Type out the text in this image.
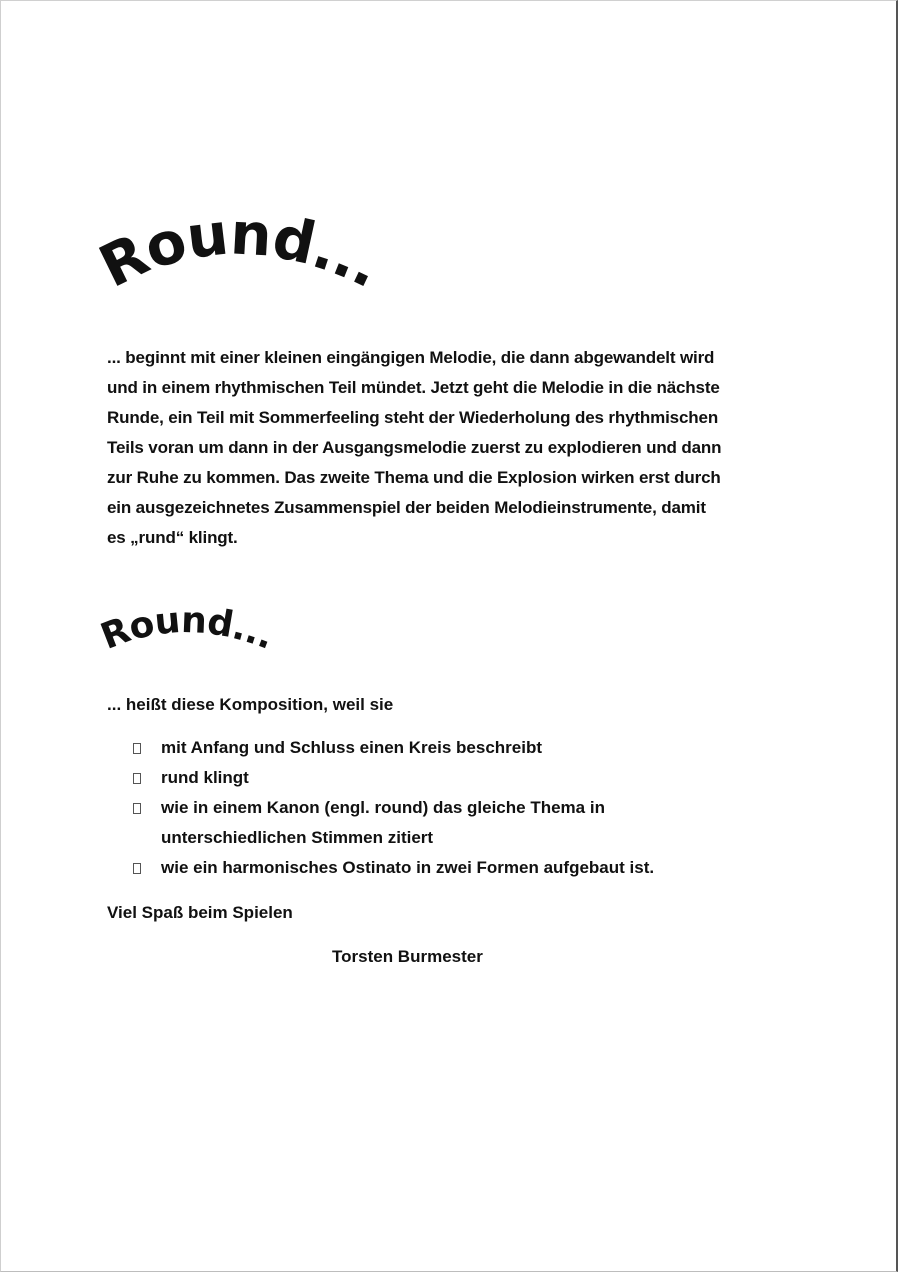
Round...
... beginnt mit einer kleinen eingängigen Melodie, die dann abgewandelt wird
und in einem rhythmischen Teil mündet. Jetzt geht die Melodie in die nächste
Runde, ein Teil mit Sommerfeeling steht der Wiederholung des rhythmischen
Teils voran um dann in der Ausgangsmelodie zuerst zu explodieren und dann
zur Ruhe zu kommen. Das zweite Thema und die Explosion wirken erst durch
ein ausgezeichnetes Zusammenspiel der beiden Melodieinstrumente, damit
es „rund“ klingt.
Round...
... heißt diese Komposition, weil sie
mit Anfang und Schluss einen Kreis beschreibt
rund klingt
wie in einem Kanon (engl. round) das gleiche Thema in
unterschiedlichen Stimmen zitiert
wie ein harmonisches Ostinato in zwei Formen aufgebaut ist.
Viel Spaß beim Spielen
Torsten Burmester
